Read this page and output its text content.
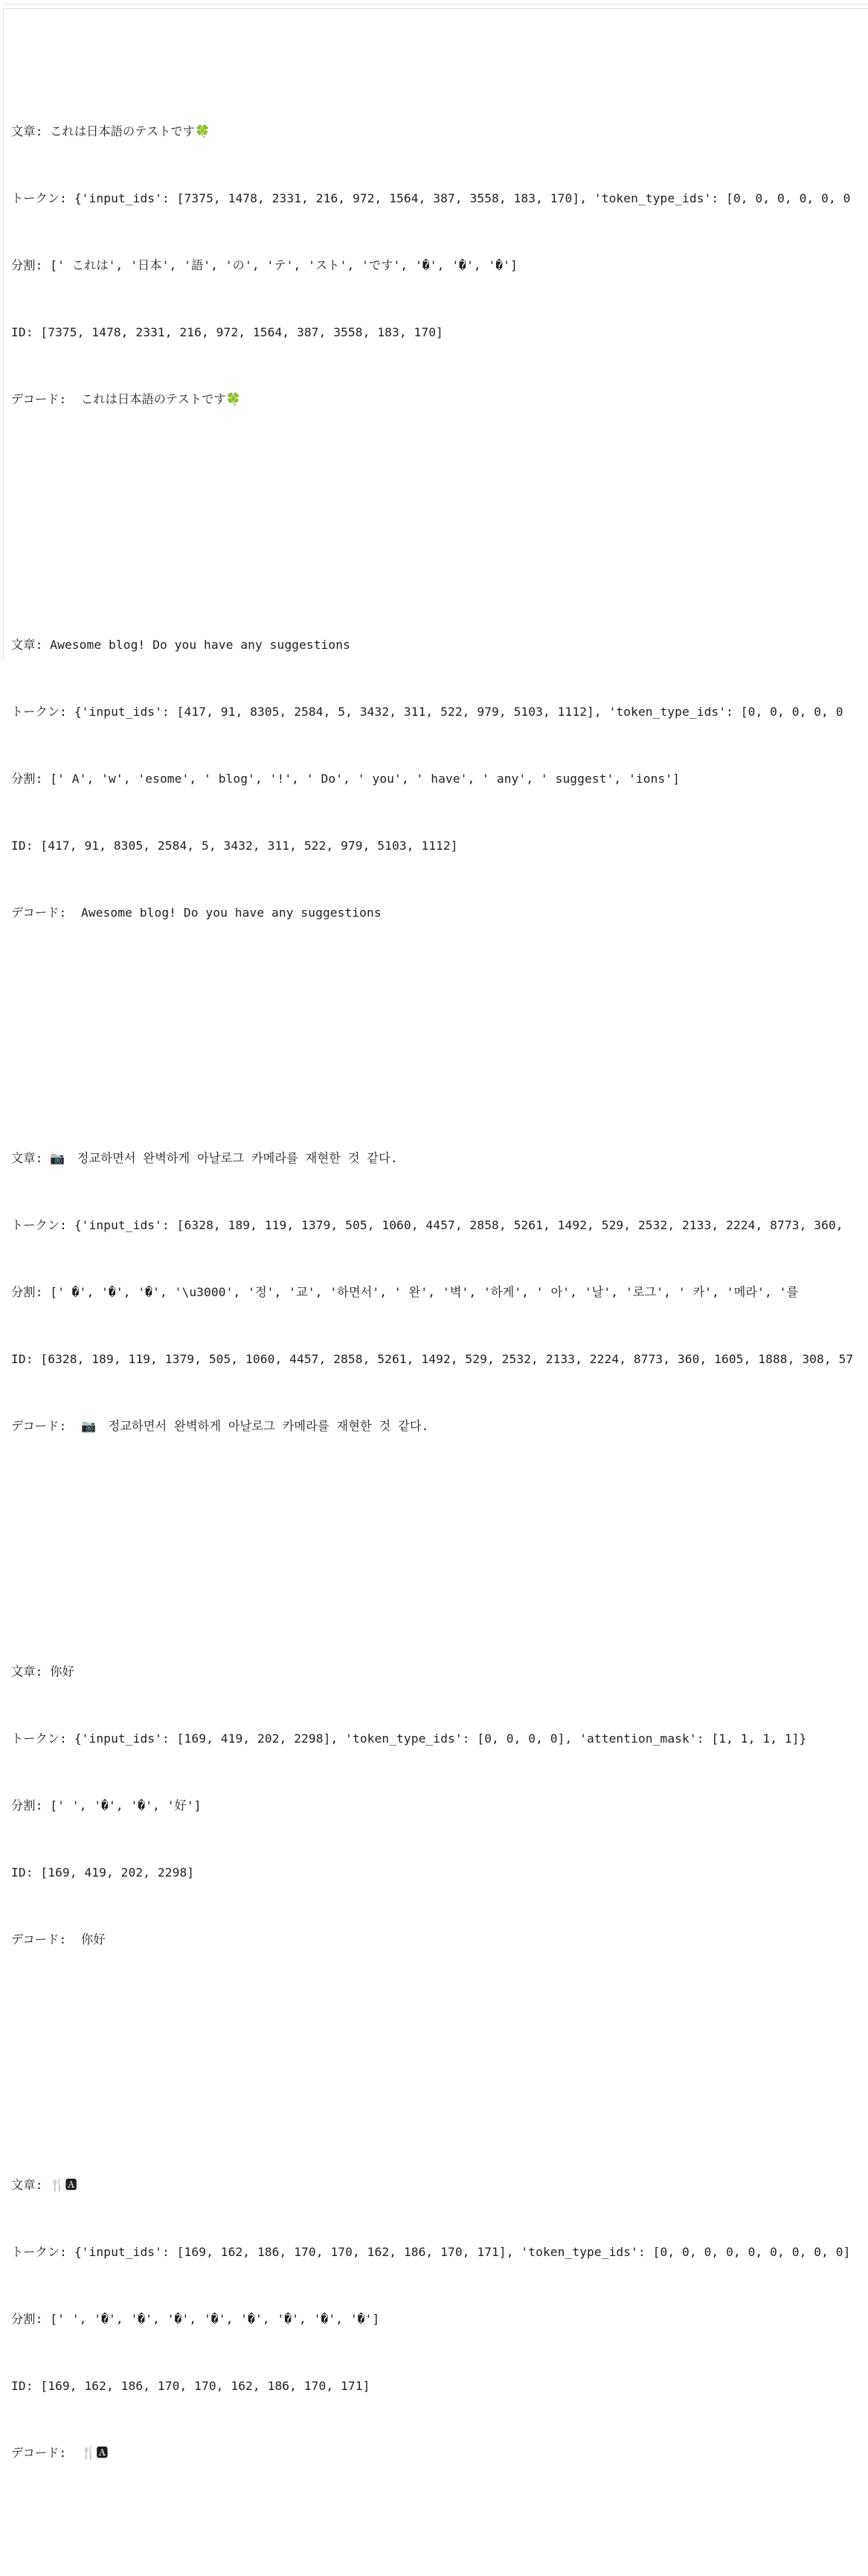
文章: これは日本語のテストです🍀

トークン: {'input_ids': [7375, 1478, 2331, 216, 972, 1564, 387, 3558, 183, 170], 'token_type_ids': [0, 0, 0, 0, 0, 0

分割: [' これは', '日本', '語', 'の', 'テ', 'スト', 'です', '�', '�', '�']

ID: [7375, 1478, 2331, 216, 972, 1564, 387, 3558, 183, 170]

デコード:  これは日本語のテストです🍀

文章: Awesome blog! Do you have any suggestions

トークン: {'input_ids': [417, 91, 8305, 2584, 5, 3432, 311, 522, 979, 5103, 1112], 'token_type_ids': [0, 0, 0, 0, 0

分割: [' A', 'w', 'esome', ' blog', '!', ' Do', ' you', ' have', ' any', ' suggest', 'ions']

ID: [417, 91, 8305, 2584, 5, 3432, 311, 522, 979, 5103, 1112]

デコード:  Awesome blog! Do you have any suggestions

文章: 📷　정교하면서 완벽하게 아날로그 카메라를 재현한 것 같다.

トークン: {'input_ids': [6328, 189, 119, 1379, 505, 1060, 4457, 2858, 5261, 1492, 529, 2532, 2133, 2224, 8773, 360,

分割: [' �', '�', '�', '\u3000', '정', '교', '하면서', ' 완', '벽', '하게', ' 아', '날', '로그', ' 카', '메라', '를

ID: [6328, 189, 119, 1379, 505, 1060, 4457, 2858, 5261, 1492, 529, 2532, 2133, 2224, 8773, 360, 1605, 1888, 308, 57

デコード:  📷　정교하면서 완벽하게 아날로그 카메라를 재현한 것 같다.

文章: 你好

トークン: {'input_ids': [169, 419, 202, 2298], 'token_type_ids': [0, 0, 0, 0], 'attention_mask': [1, 1, 1, 1]}

分割: [' ', '�', '�', '好']

ID: [169, 419, 202, 2298]

デコード:  你好

文章: 🍴🅰

トークン: {'input_ids': [169, 162, 186, 170, 170, 162, 186, 170, 171], 'token_type_ids': [0, 0, 0, 0, 0, 0, 0, 0, 0]

分割: [' ', '�', '�', '�', '�', '�', '�', '�', '�']

ID: [169, 162, 186, 170, 170, 162, 186, 170, 171]

デコード:  🍴🅰
